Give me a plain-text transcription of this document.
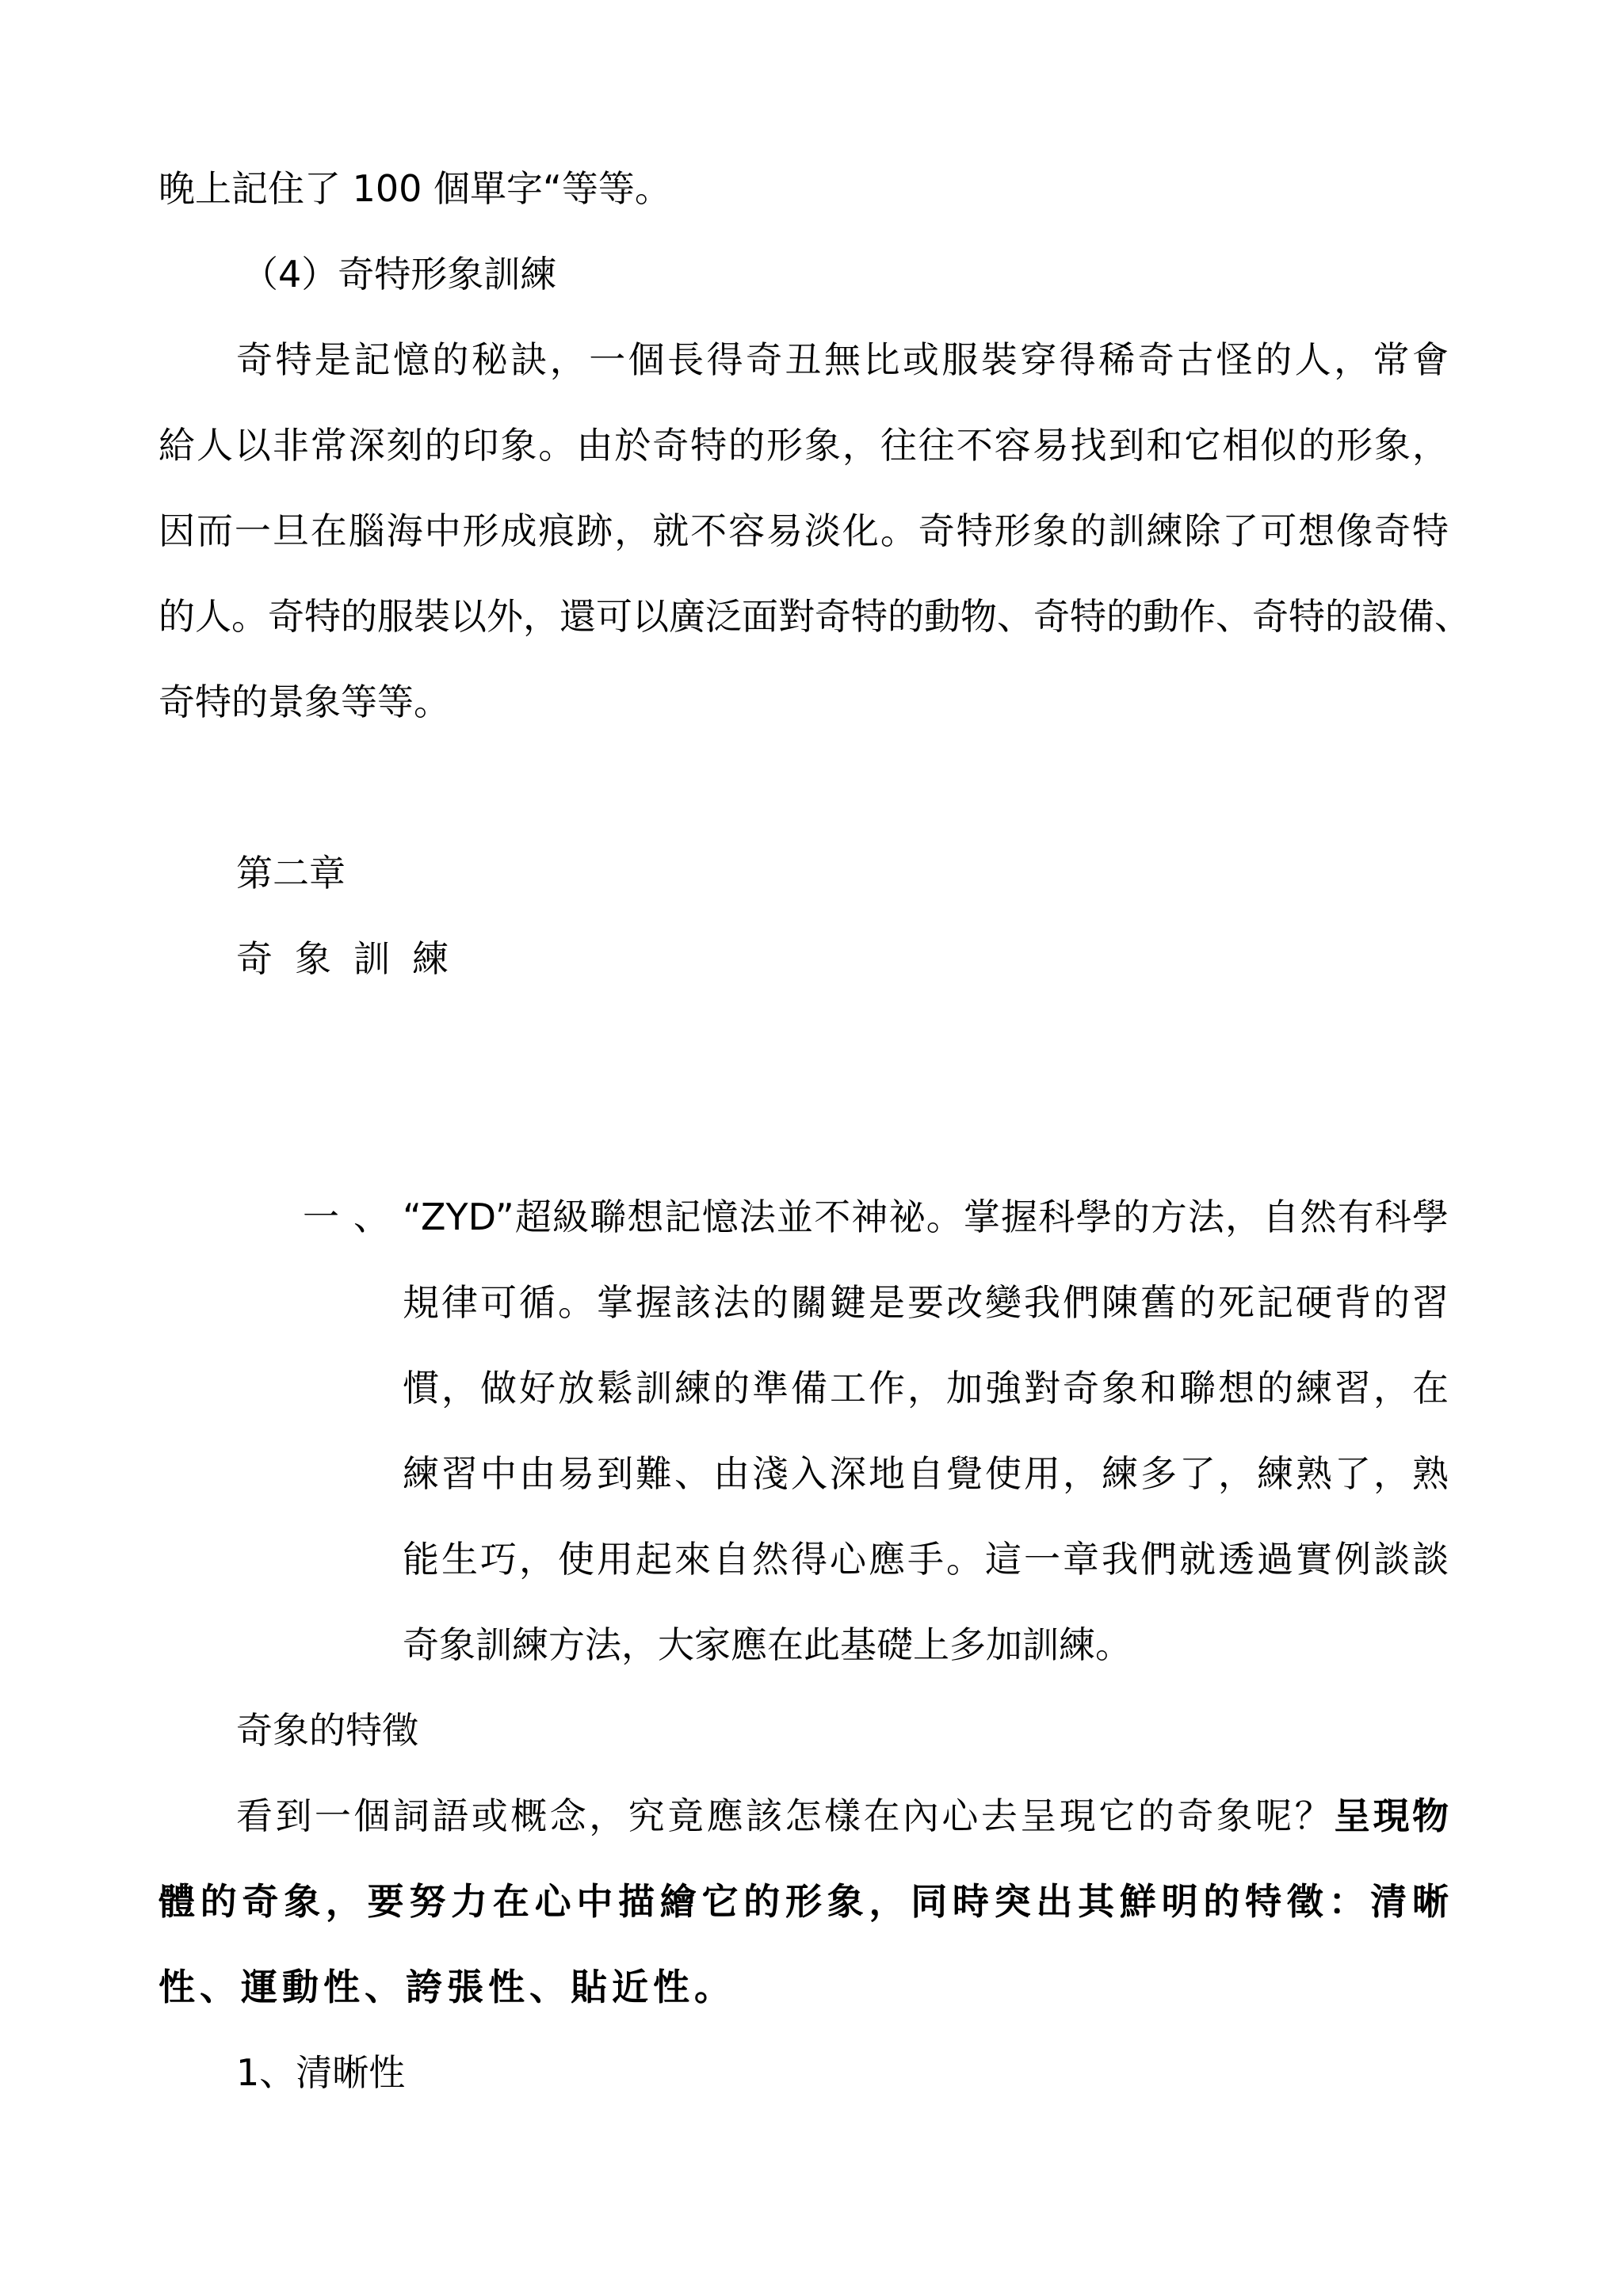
晚上記住了 100 個單字“等等。

（4）奇特形象訓練

奇特是記憶的秘訣，一個長得奇丑無比或服裝穿得稀奇古怪的人，常會

給人以非常深刻的印象。由於奇特的形象，往往不容易找到和它相似的形象，

因而一旦在腦海中形成痕跡，就不容易淡化。奇特形象的訓練除了可想像奇特

的人。奇特的服裝以外，還可以廣泛面對奇特的動物、奇特的動作、奇特的設備、

奇特的景象等等。

第二章

奇象訓練

一、

“ZYD”超級聯想記憶法並不神祕。掌握科學的方法，自然有科學

規律可循。掌握該法的關鍵是要改變我們陳舊的死記硬背的習

慣，做好放鬆訓練的準備工作，加強對奇象和聯想的練習，在

練習中由易到難、由淺入深地自覺使用，練多了，練熟了，熟

能生巧，使用起來自然得心應手。這一章我們就透過實例談談

奇象訓練方法，大家應在此基礎上多加訓練。

奇象的特徵

看到一個詞語或概念，究竟應該怎樣在內心去呈現它的奇象呢？呈現物

體的奇象，要努力在心中描繪它的形象，同時突出其鮮明的特徵：清晰

性、運動性、誇張性、貼近性。

1、清晰性
